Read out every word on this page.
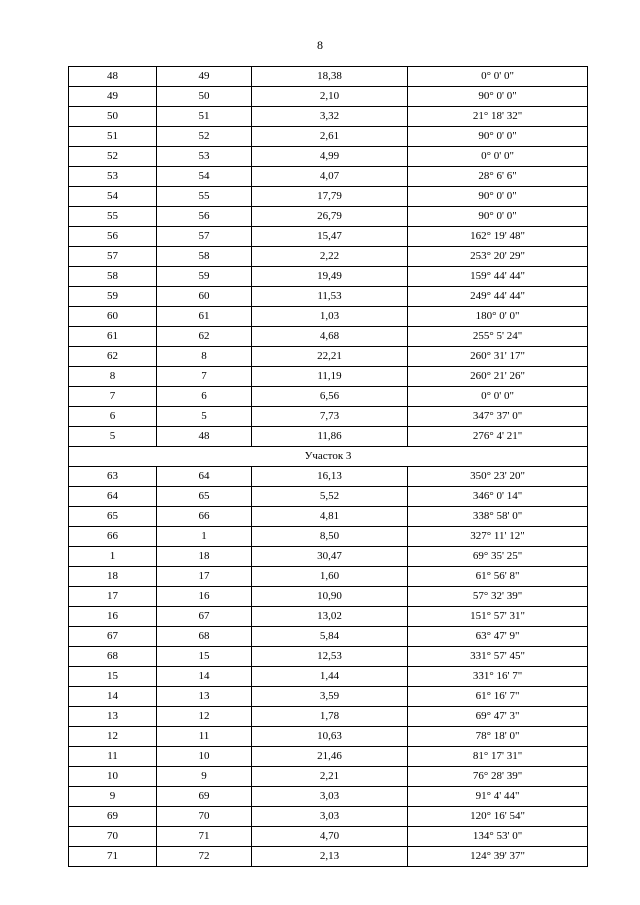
8
48	49	18,38	0° 0' 0"
49	50	2,10	90° 0' 0"
50	51	3,32	21° 18' 32"
51	52	2,61	90° 0' 0"
52	53	4,99	0° 0' 0"
53	54	4,07	28° 6' 6"
54	55	17,79	90° 0' 0"
55	56	26,79	90° 0' 0"
56	57	15,47	162° 19' 48"
57	58	2,22	253° 20' 29"
58	59	19,49	159° 44' 44"
59	60	11,53	249° 44' 44"
60	61	1,03	180° 0' 0"
61	62	4,68	255° 5' 24"
62	8	22,21	260° 31' 17"
8	7	11,19	260° 21' 26"
7	6	6,56	0° 0' 0"
6	5	7,73	347° 37' 0"
5	48	11,86	276° 4' 21"
Участок 3			
63	64	16,13	350° 23' 20"
64	65	5,52	346° 0' 14"
65	66	4,81	338° 58' 0"
66	1	8,50	327° 11' 12"
1	18	30,47	69° 35' 25"
18	17	1,60	61° 56' 8"
17	16	10,90	57° 32' 39"
16	67	13,02	151° 57' 31"
67	68	5,84	63° 47' 9"
68	15	12,53	331° 57' 45"
15	14	1,44	331° 16' 7"
14	13	3,59	61° 16' 7"
13	12	1,78	69° 47' 3"
12	11	10,63	78° 18' 0"
11	10	21,46	81° 17' 31"
10	9	2,21	76° 28' 39"
9	69	3,03	91° 4' 44"
69	70	3,03	120° 16' 54"
70	71	4,70	134° 53' 0"
71	72	2,13	124° 39' 37"
